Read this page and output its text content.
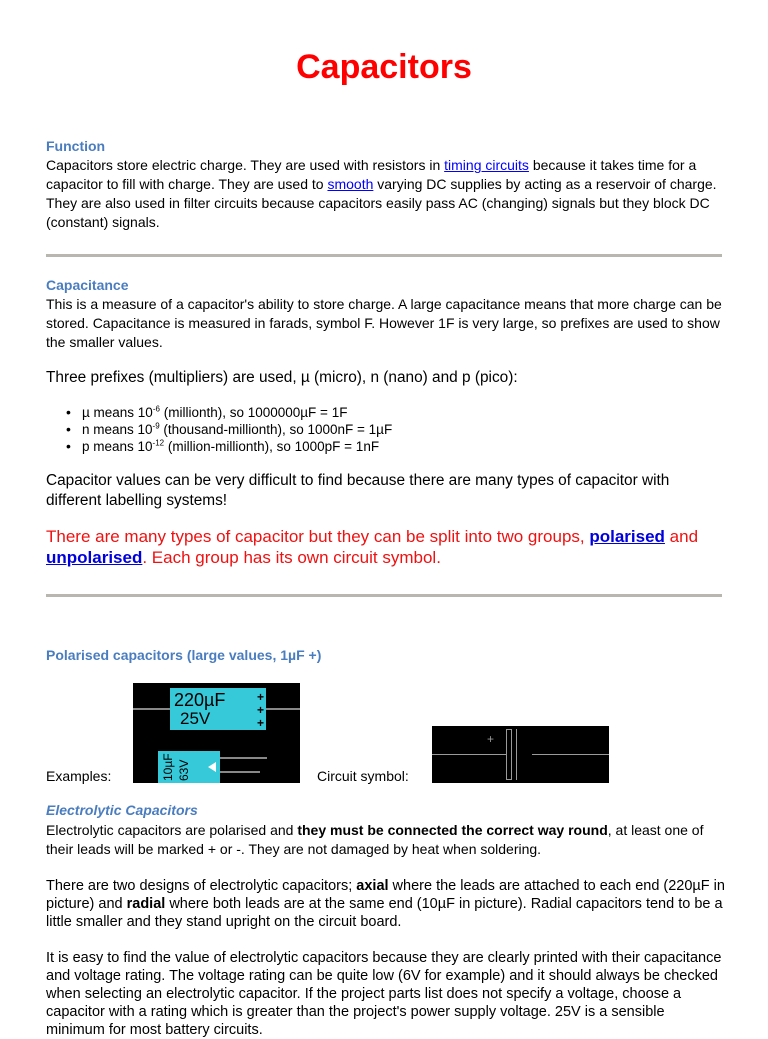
Capacitors
Function
Capacitors store electric charge. They are used with resistors in timing circuits because it takes time for a capacitor to fill with charge. They are used to smooth varying DC supplies by acting as a reservoir of charge. They are also used in filter circuits because capacitors easily pass AC (changing) signals but they block DC (constant) signals.
Capacitance
This is a measure of a capacitor's ability to store charge. A large capacitance means that more charge can be stored. Capacitance is measured in farads, symbol F. However 1F is very large, so prefixes are used to show the smaller values.
Three prefixes (multipliers) are used, µ (micro), n (nano) and p (pico):
• µ means $10^{-6}$ (millionth), so 1000000µF = 1F
• n means $10^{-9}$ (thousand-millionth), so 1000nF = 1µF
• p means $10^{-12}$ (million-millionth), so 1000pF = 1nF
Capacitor values can be very difficult to find because there are many types of capacitor with different labelling systems!
There are many types of capacitor but they can be split into two groups, polarised and unpolarised. Each group has its own circuit symbol.
Polarised capacitors (large values, 1µF +)
Examples:
220µF
25V
+
+
+
10µF 63V	Circuit symbol:
+
Electrolytic Capacitors
Electrolytic capacitors are polarised and they must be connected the correct way round, at least one of their leads will be marked + or -. They are not damaged by heat when soldering.
There are two designs of electrolytic capacitors; axial where the leads are attached to each end (220µF in picture) and radial where both leads are at the same end (10µF in picture). Radial capacitors tend to be a little smaller and they stand upright on the circuit board.
It is easy to find the value of electrolytic capacitors because they are clearly printed with their capacitance and voltage rating. The voltage rating can be quite low (6V for example) and it should always be checked when selecting an electrolytic capacitor. If the project parts list does not specify a voltage, choose a capacitor with a rating which is greater than the project's power supply voltage. 25V is a sensible minimum for most battery circuits.
